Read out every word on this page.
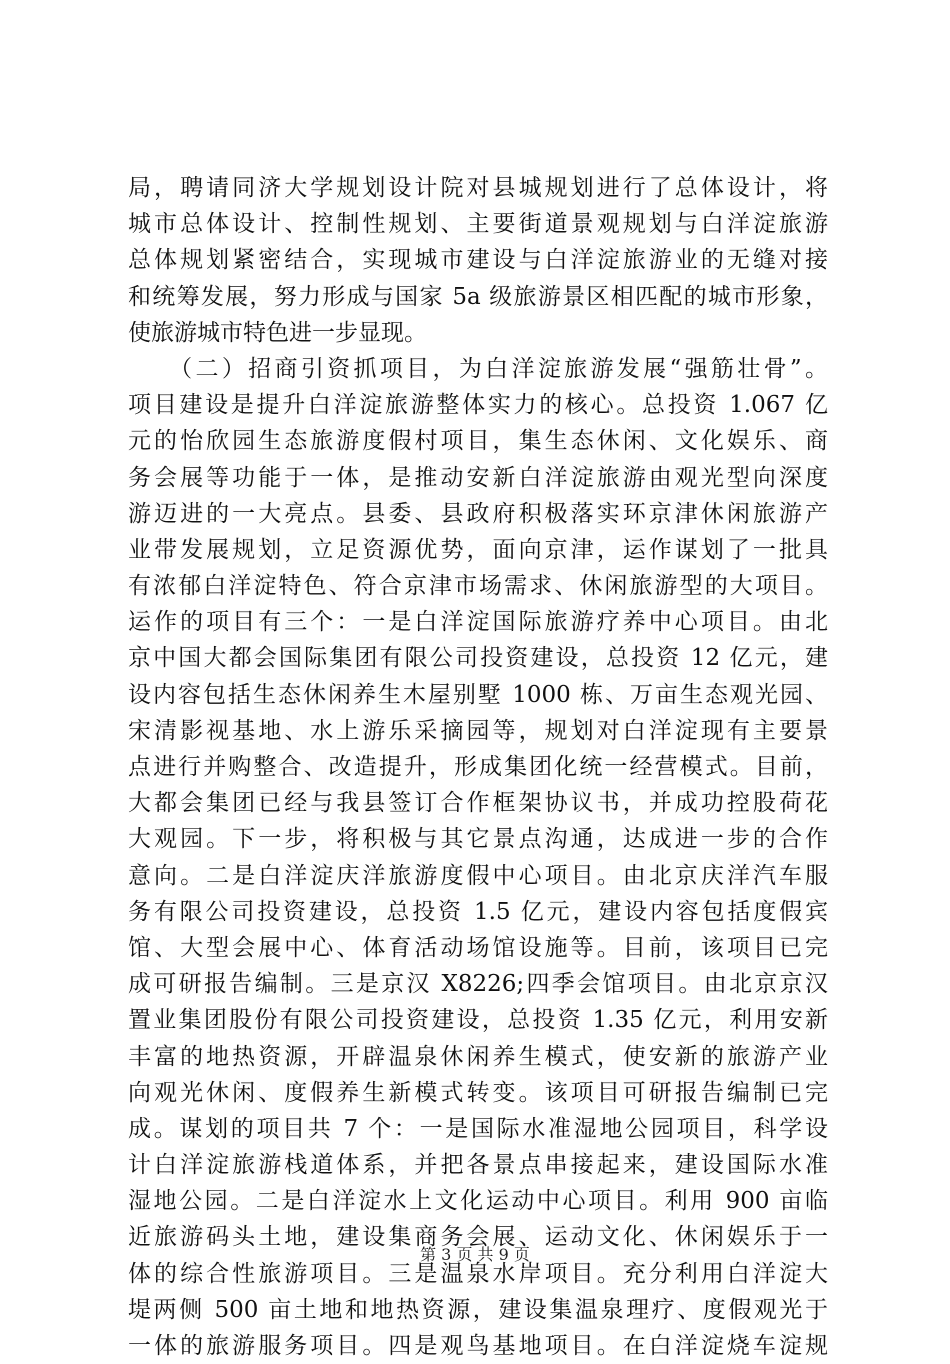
局，聘请同济大学规划设计院对县城规划进行了总体设计，将
城市总体设计、控制性规划、主要街道景观规划与白洋淀旅游
总体规划紧密结合，实现城市建设与白洋淀旅游业的无缝对接
和统筹发展，努力形成与国家 5a 级旅游景区相匹配的城市形象，
使旅游城市特色进一步显现。
　　（二）招商引资抓项目，为白洋淀旅游发展“强筋壮骨”。
项目建设是提升白洋淀旅游整体实力的核心。总投资 1.067 亿
元的怡欣园生态旅游度假村项目，集生态休闲、文化娱乐、商
务会展等功能于一体，是推动安新白洋淀旅游由观光型向深度
游迈进的一大亮点。县委、县政府积极落实环京津休闲旅游产
业带发展规划，立足资源优势，面向京津，运作谋划了一批具
有浓郁白洋淀特色、符合京津市场需求、休闲旅游型的大项目。
运作的项目有三个：一是白洋淀国际旅游疗养中心项目。由北
京中国大都会国际集团有限公司投资建设，总投资 12 亿元，建
设内容包括生态休闲养生木屋别墅 1000 栋、万亩生态观光园、
宋清影视基地、水上游乐采摘园等，规划对白洋淀现有主要景
点进行并购整合、改造提升，形成集团化统一经营模式。目前，
大都会集团已经与我县签订合作框架协议书，并成功控股荷花
大观园。下一步，将积极与其它景点沟通，达成进一步的合作
意向。二是白洋淀庆洋旅游度假中心项目。由北京庆洋汽车服
务有限公司投资建设，总投资 1.5 亿元，建设内容包括度假宾
馆、大型会展中心、体育活动场馆设施等。目前，该项目已完
成可研报告编制。三是京汉 X8226;四季会馆项目。由北京京汉
置业集团股份有限公司投资建设，总投资 1.35 亿元，利用安新
丰富的地热资源，开辟温泉休闲养生模式，使安新的旅游产业
向观光休闲、度假养生新模式转变。该项目可研报告编制已完
成。谋划的项目共 7 个：一是国际水准湿地公园项目，科学设
计白洋淀旅游栈道体系，并把各景点串接起来，建设国际水准
湿地公园。二是白洋淀水上文化运动中心项目。利用 900 亩临
近旅游码头土地，建设集商务会展、运动文化、休闲娱乐于一
体的综合性旅游项目。三是温泉水岸项目。充分利用白洋淀大
堤两侧 500 亩土地和地热资源，建设集温泉理疗、度假观光于
一体的旅游服务项目。四是观鸟基地项目。在白洋淀烧车淀规
第 3 页 共 9 页
